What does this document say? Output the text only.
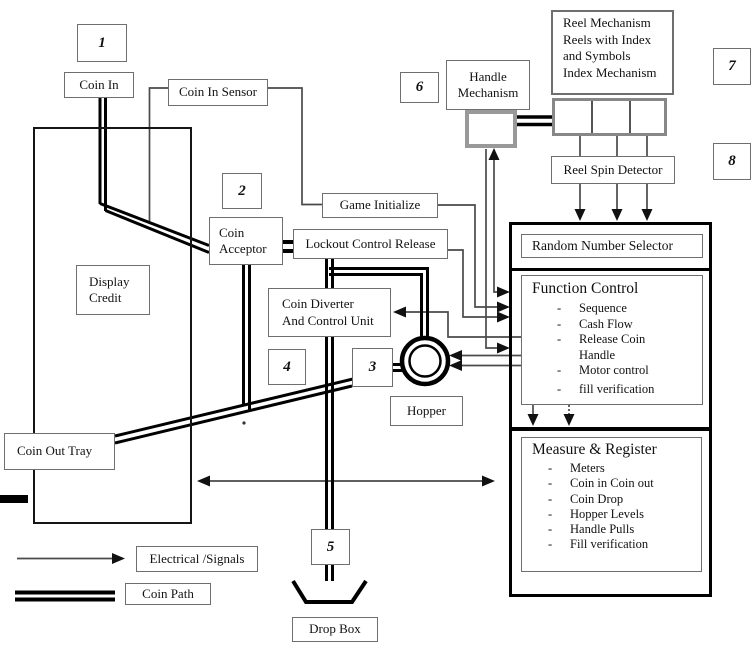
1
2
3
4
5
6
7
8
Coin In	Coin In Sensor
Display
Credit
Coin Out Tray
Coin
Acceptor
Game Initialize
Lockout Control Release
Coin Diverter
And Control Unit
Hopper
Handle
Mechanism
Reel Mechanism
Reels with Index
and Symbols
Index Mechanism
Reel Spin Detector
Random Number Selector
Function Control
-	Sequence
-	Cash Flow
-	Release Coin
Handle
-	Motor control
-	fill verification
Measure & Register
-	Meters
-	Coin in Coin out
-	Coin Drop
-	Hopper Levels
-	Handle Pulls
-	Fill verification
Drop Box
Electrical /Signals
Coin Path
